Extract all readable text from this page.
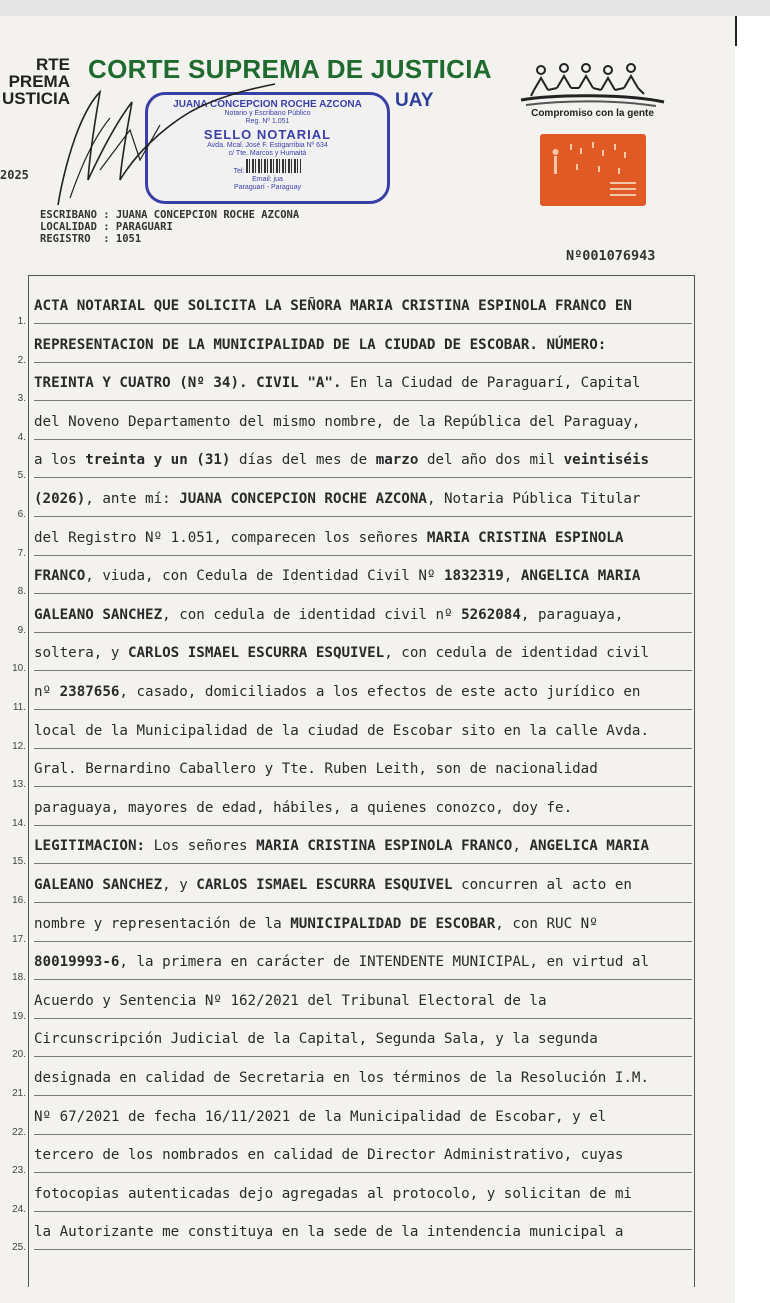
RTE
PREMA
USTICIA
2025
CORTE SUPREMA DE JUSTICIA
UAY
JUANA CONCEPCION ROCHE AZCONA
Notario y Escribano Público
Reg. Nº 1.051
SELLO NOTARIAL
Avda. Mcal. José F. Estigarribia Nº 634
c/ Tte. Marcos y Humaitá
Tel:
Email: jua
Paraguarí - Paraguay
Compromiso con la gente
ESCRIBANO : JUANA CONCEPCION ROCHE AZCONA
LOCALIDAD : PARAGUARI
REGISTRO  : 1051
Nº001076943
1.
ACTA NOTARIAL QUE SOLICITA LA SEÑORA MARIA CRISTINA ESPINOLA FRANCO EN
2.
REPRESENTACION DE LA MUNICIPALIDAD DE LA CIUDAD DE ESCOBAR. NÚMERO:
3.
TREINTA Y CUATRO (Nº 34). CIVIL "A". En la Ciudad de Paraguarí, Capital
4.
del Noveno Departamento del mismo nombre, de la República del Paraguay,
5.
a los treinta y un (31) días del mes de marzo del año dos mil veintiséis
6.
(2026), ante mí: JUANA CONCEPCION ROCHE AZCONA, Notaria Pública Titular
7.
del Registro Nº 1.051, comparecen los señores MARIA CRISTINA ESPINOLA
8.
FRANCO, viuda, con Cedula de Identidad Civil Nº 1832319, ANGELICA MARIA
9.
GALEANO SANCHEZ, con cedula de identidad civil nº 5262084, paraguaya,
10.
soltera, y CARLOS ISMAEL ESCURRA ESQUIVEL, con cedula de identidad civil
11.
nº 2387656, casado, domiciliados a los efectos de este acto jurídico en
12.
local de la Municipalidad de la ciudad de Escobar sito en la calle Avda.
13.
Gral. Bernardino Caballero y Tte. Ruben Leith, son de nacionalidad
14.
paraguaya, mayores de edad, hábiles, a quienes conozco, doy fe.
15.
LEGITIMACION: Los señores MARIA CRISTINA ESPINOLA FRANCO, ANGELICA MARIA
16.
GALEANO SANCHEZ, y CARLOS ISMAEL ESCURRA ESQUIVEL concurren al acto en
17.
nombre y representación de la MUNICIPALIDAD DE ESCOBAR, con RUC Nº
18.
80019993-6, la primera en carácter de INTENDENTE MUNICIPAL, en virtud al
19.
Acuerdo y Sentencia Nº 162/2021 del Tribunal Electoral de la
20.
Circunscripción Judicial de la Capital, Segunda Sala, y la segunda
21.
designada en calidad de Secretaria en los términos de la Resolución I.M.
22.
Nº 67/2021 de fecha 16/11/2021 de la Municipalidad de Escobar, y el
23.
tercero de los nombrados en calidad de Director Administrativo, cuyas
24.
fotocopias autenticadas dejo agregadas al protocolo, y solicitan de mi
25.
la Autorizante me constituya en la sede de la intendencia municipal a
